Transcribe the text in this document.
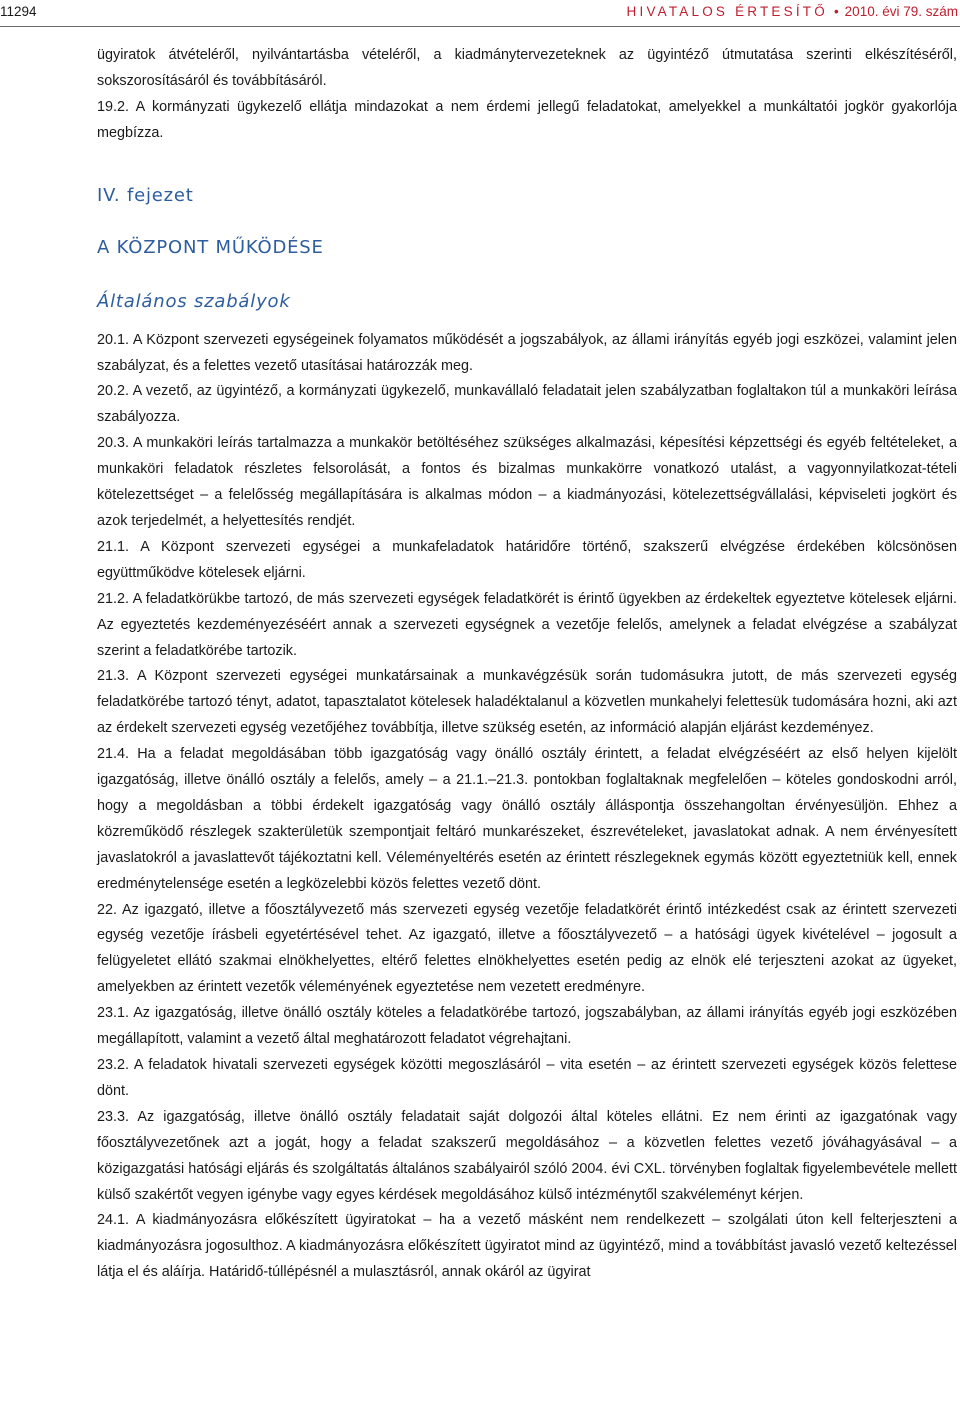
11294	HIVATALOS ÉRTESÍTŐ • 2010. évi 79. szám

ügyiratok átvételéről, nyilvántartásba vételéről, a kiadmánytervezeteknek az ügyintéző útmutatása szerinti elkészítéséről, sokszorosításáról és továbbításáról.

19.2. A kormányzati ügykezelő ellátja mindazokat a nem érdemi jellegű feladatokat, amelyekkel a munkáltatói jogkör gyakorlója megbízza.

IV. fejezet
A KÖZPONT MŰKÖDÉSE
Általános szabályok

20.1. A Központ szervezeti egységeinek folyamatos működését a jogszabályok, az állami irányítás egyéb jogi eszközei, valamint jelen szabályzat, és a felettes vezető utasításai határozzák meg.

20.2. A vezető, az ügyintéző, a kormányzati ügykezelő, munkavállaló feladatait jelen szabályzatban foglaltakon túl a munkaköri leírása szabályozza.

20.3. A munkaköri leírás tartalmazza a munkakör betöltéséhez szükséges alkalmazási, képesítési képzettségi és egyéb feltételeket, a munkaköri feladatok részletes felsorolását, a fontos és bizalmas munkakörre vonatkozó utalást, a vagyonnyilatkozat-tételi kötelezettséget – a felelősség megállapítására is alkalmas módon – a kiadmányozási, kötelezettségvállalási, képviseleti jogkört és azok terjedelmét, a helyettesítés rendjét.

21.1. A Központ szervezeti egységei a munkafeladatok határidőre történő, szakszerű elvégzése érdekében kölcsönösen együttműködve kötelesek eljárni.

21.2. A feladatkörükbe tartozó, de más szervezeti egységek feladatkörét is érintő ügyekben az érdekeltek egyeztetve kötelesek eljárni. Az egyeztetés kezdeményezéséért annak a szervezeti egységnek a vezetője felelős, amelynek a feladat elvégzése a szabályzat szerint a feladatkörébe tartozik.

21.3. A Központ szervezeti egységei munkatársainak a munkavégzésük során tudomásukra jutott, de más szervezeti egység feladatkörébe tartozó tényt, adatot, tapasztalatot kötelesek haladéktalanul a közvetlen munkahelyi felettesük tudomására hozni, aki azt az érdekelt szervezeti egység vezetőjéhez továbbítja, illetve szükség esetén, az információ alapján eljárást kezdeményez.

21.4. Ha a feladat megoldásában több igazgatóság vagy önálló osztály érintett, a feladat elvégzéséért az első helyen kijelölt igazgatóság, illetve önálló osztály a felelős, amely – a 21.1.–21.3. pontokban foglaltaknak megfelelően – köteles gondoskodni arról, hogy a megoldásban a többi érdekelt igazgatóság vagy önálló osztály álláspontja összehangoltan érvényesüljön. Ehhez a közreműködő részlegek szakterületük szempontjait feltáró munkarészeket, észrevételeket, javaslatokat adnak. A nem érvényesített javaslatokról a javaslattevőt tájékoztatni kell. Véleményeltérés esetén az érintett részlegeknek egymás között egyeztetniük kell, ennek eredménytelensége esetén a legközelebbi közös felettes vezető dönt.

22. Az igazgató, illetve a főosztályvezető más szervezeti egység vezetője feladatkörét érintő intézkedést csak az érintett szervezeti egység vezetője írásbeli egyetértésével tehet. Az igazgató, illetve a főosztályvezető – a hatósági ügyek kivételével – jogosult a felügyeletet ellátó szakmai elnökhelyettes, eltérő felettes elnökhelyettes esetén pedig az elnök elé terjeszteni azokat az ügyeket, amelyekben az érintett vezetők véleményének egyeztetése nem vezetett eredményre.

23.1. Az igazgatóság, illetve önálló osztály köteles a feladatkörébe tartozó, jogszabályban, az állami irányítás egyéb jogi eszközében megállapított, valamint a vezető által meghatározott feladatot végrehajtani.

23.2. A feladatok hivatali szervezeti egységek közötti megoszlásáról – vita esetén – az érintett szervezeti egységek közös felettese dönt.

23.3. Az igazgatóság, illetve önálló osztály feladatait saját dolgozói által köteles ellátni. Ez nem érinti az igazgatónak vagy főosztályvezetőnek azt a jogát, hogy a feladat szakszerű megoldásához – a közvetlen felettes vezető jóváhagyásával – a közigazgatási hatósági eljárás és szolgáltatás általános szabályairól szóló 2004. évi CXL. törvényben foglaltak figyelembevétele mellett külső szakértőt vegyen igénybe vagy egyes kérdések megoldásához külső intézménytől szakvéleményt kérjen.

24.1. A kiadmányozásra előkészített ügyiratokat – ha a vezető másként nem rendelkezett – szolgálati úton kell felterjeszteni a kiadmányozásra jogosulthoz. A kiadmányozásra előkészített ügyiratot mind az ügyintéző, mind a továbbítást javasló vezető keltezéssel látja el és aláírja. Határidő-túllépésnél a mulasztásról, annak okáról az ügyirat
